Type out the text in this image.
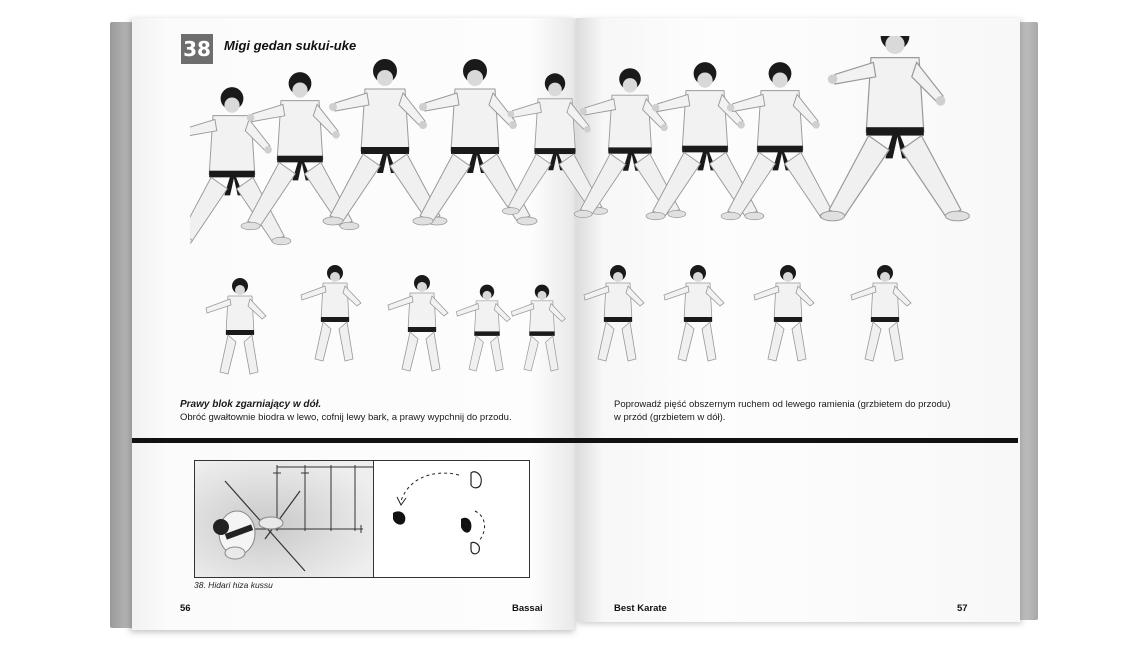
38 Migi gedan sukui-uke
Prawy blok zgarniający w dół.
Obróć gwałtownie biodra w lewo, cofnij lewy bark, a prawy wypchnij do przodu.
Poprowadź pięść obszernym ruchem od lewego ramienia (grzbietem do przodu)
w przód (grzbietem w dół).
38. Hidari hiza kussu
56	Bassai	Best Karate	57
